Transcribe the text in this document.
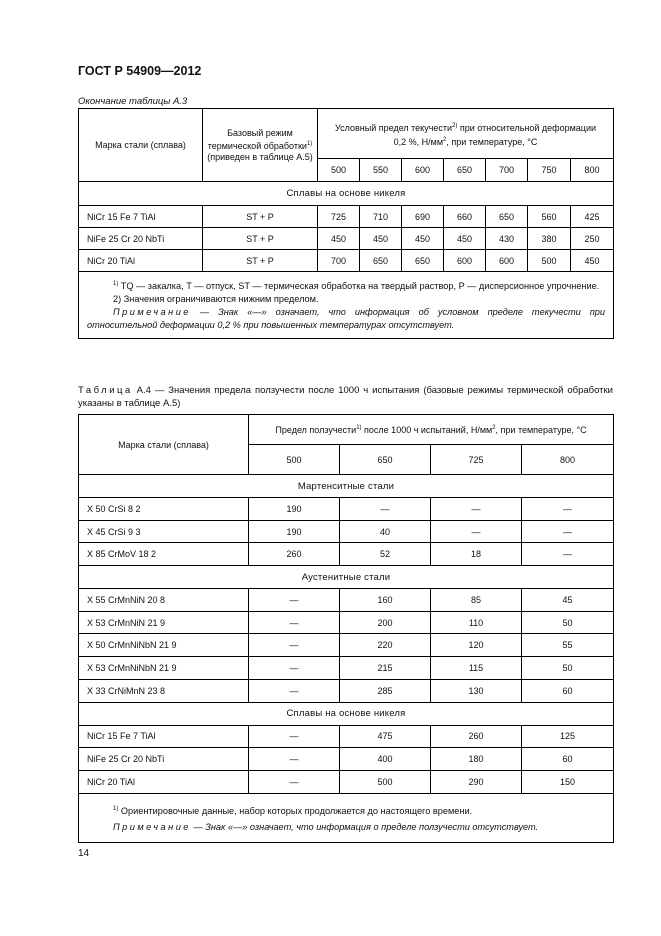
ГОСТ Р 54909—2012
Окончание таблицы А.3
Марка стали (сплава)	Базовый режим
термической обработки$^{1)}$
(приведен в таблице А.5)	Условный предел текучести$^{2)}$ при относительной деформации
0,2 %, $Н/мм^2$, при температуре, °С						
		500	550	600	650	700	750	800
Сплавы на основе никеля								
NiCr 15 Fe 7 TiAl	ST + P	725	710	690	660	650	560	425
NiFe 25 Cr 20 NbTi	ST + P	450	450	450	450	430	380	250
NiCr 20 TiAl	ST + P	700	650	650	600	600	500	450

$^{1)}$ TQ — закалка, T — отпуск, ST — термическая обработка на твердый раствор, P — дисперсионное упрочнение.

2) Значения ограничиваются нижним пределом.

Примечание — Знак «—» означает, что информация об условном пределе текучести при относительной деформации 0,2 % при повышенных температурах отсутствует.								

Таблица А.4 — Значения предела ползучести после 1000 ч испытания (базовые режимы термической обработки указаны в таблице А.5)
Марка стали (сплава)	Предел ползучести$^{1)}$ после 1000 ч испытаний, $Н/мм^2$, при температуре, °С			
	500	650	725	800
Мартенситные стали				
X 50 CrSi 8 2	190	—	—	—
X 45 CrSi 9 3	190	40	—	—
X 85 CrMoV 18 2	260	52	18	—
Аустенитные стали				
X 55 CrMnNiN 20 8	—	160	85	45
X 53 CrMnNiN 21 9	—	200	110	50
X 50 CrMnNiNbN 21 9	—	220	120	55
X 53 CrMnNiNbN 21 9	—	215	115	50
X 33 CrNiMnN 23 8	—	285	130	60
Сплавы на основе никеля				
NiCr 15 Fe 7 TiAl	—	475	260	125
NiFe 25 Cr 20 NbTi	—	400	180	60
NiCr 20 TiAl	—	500	290	150

$^{1)}$ Ориентировочные данные, набор которых продолжается до настоящего времени.

Примечание — Знак «—» означает, что информация о пределе ползучести отсутствует.				

14
